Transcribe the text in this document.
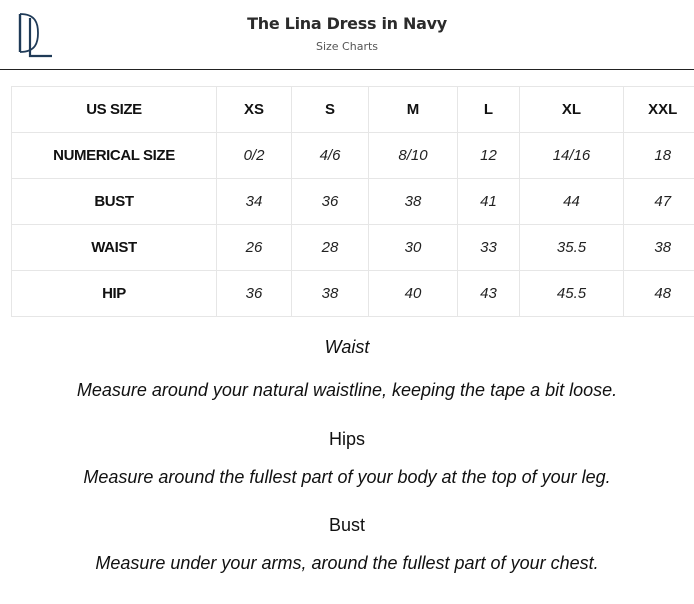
The Lina Dress in Navy
Size Charts
US SIZE	XS	S	M	L	XL	XXL
NUMERICAL SIZE	0/2	4/6	8/10	12	14/16	18
BUST	34	36	38	41	44	47
WAIST	26	28	30	33	35.5	38
HIP	36	38	40	43	45.5	48
Waist
Measure around your natural waistline, keeping the tape a bit loose.
Hips
Measure around the fullest part of your body at the top of your leg.
Bust
Measure under your arms, around the fullest part of your chest.
